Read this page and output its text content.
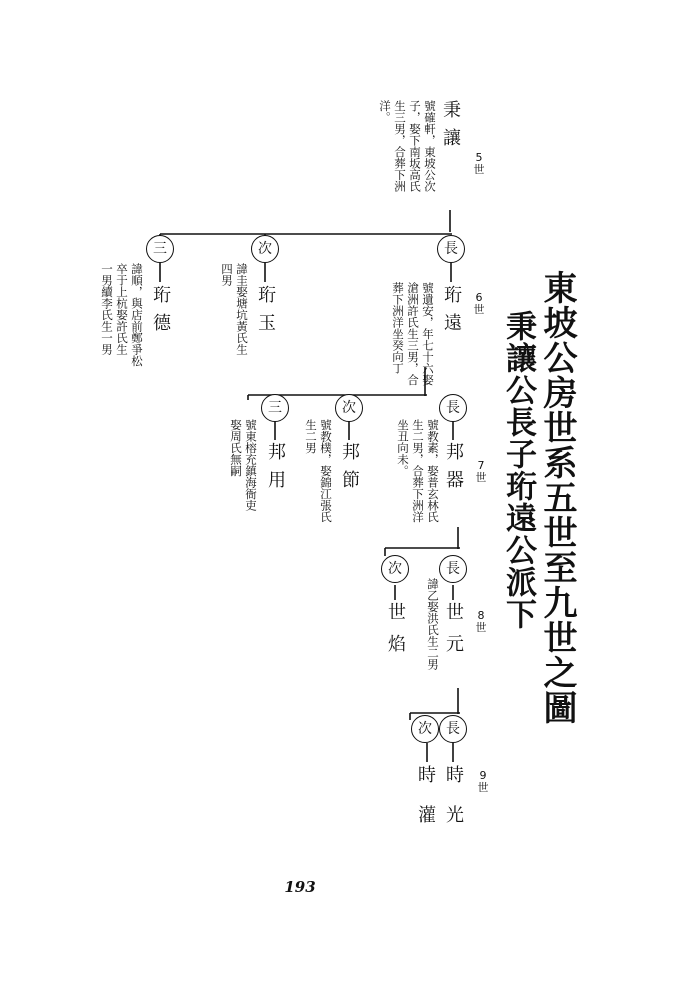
東坡公房世系五世至九世之圖
秉讓公長子珩遠公派下
5世
6世
7世
8世
9世
秉讓
號確軒，東坡公次
子，娶下南坂高氏
生三男，合葬下洲
洋。
長
珩遠
號遺安，年七十六娶
滄洲許氏生三男，合
葬下洲洋坐癸向丁
次
珩玉
諱圭娶塘坑黃氏生
四男
三
珩德
諱順，與店前鄭爭松
卒于上杭娶許氏生
一男續李氏生一男
長
邦器
號教素，娶普玄林氏
生二男，合葬下洲洋
坐丑向未。
次
邦節
號教樸，娶錦江張氏
生二男
三
邦用
號東榕充鎮海衙吏
娶周氏無嗣
長
世元
諱乙娶洪氏生二男
次
世焰
長
時光
次
時灌
193
